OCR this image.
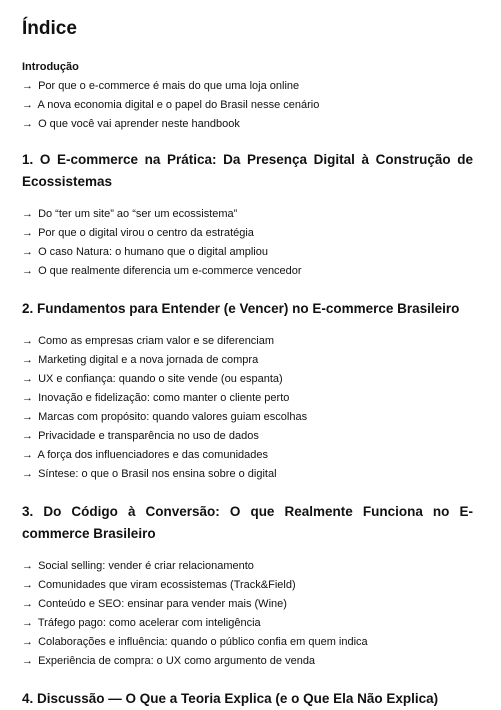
Índice

Introdução

→ Por que o e-commerce é mais do que uma loja online

→ A nova economia digital e o papel do Brasil nesse cenário

→ O que você vai aprender neste handbook

1. O E-commerce na Prática: Da Presença Digital à Construção de Ecossistemas

→ Do “ter um site” ao “ser um ecossistema”

→ Por que o digital virou o centro da estratégia

→ O caso Natura: o humano que o digital ampliou

→ O que realmente diferencia um e-commerce vencedor

2. Fundamentos para Entender (e Vencer) no E-commerce Brasileiro

→ Como as empresas criam valor e se diferenciam

→ Marketing digital e a nova jornada de compra

→ UX e confiança: quando o site vende (ou espanta)

→ Inovação e fidelização: como manter o cliente perto

→ Marcas com propósito: quando valores guiam escolhas

→ Privacidade e transparência no uso de dados

→ A força dos influenciadores e das comunidades

→ Síntese: o que o Brasil nos ensina sobre o digital

3. Do Código à Conversão: O que Realmente Funciona no E-commerce Brasileiro

→ Social selling: vender é criar relacionamento

→ Comunidades que viram ecossistemas (Track&Field)

→ Conteúdo e SEO: ensinar para vender mais (Wine)

→ Tráfego pago: como acelerar com inteligência

→ Colaborações e influência: quando o público confia em quem indica

→ Experiência de compra: o UX como argumento de venda

4. Discussão — O Que a Teoria Explica (e o Que Ela Não Explica)
